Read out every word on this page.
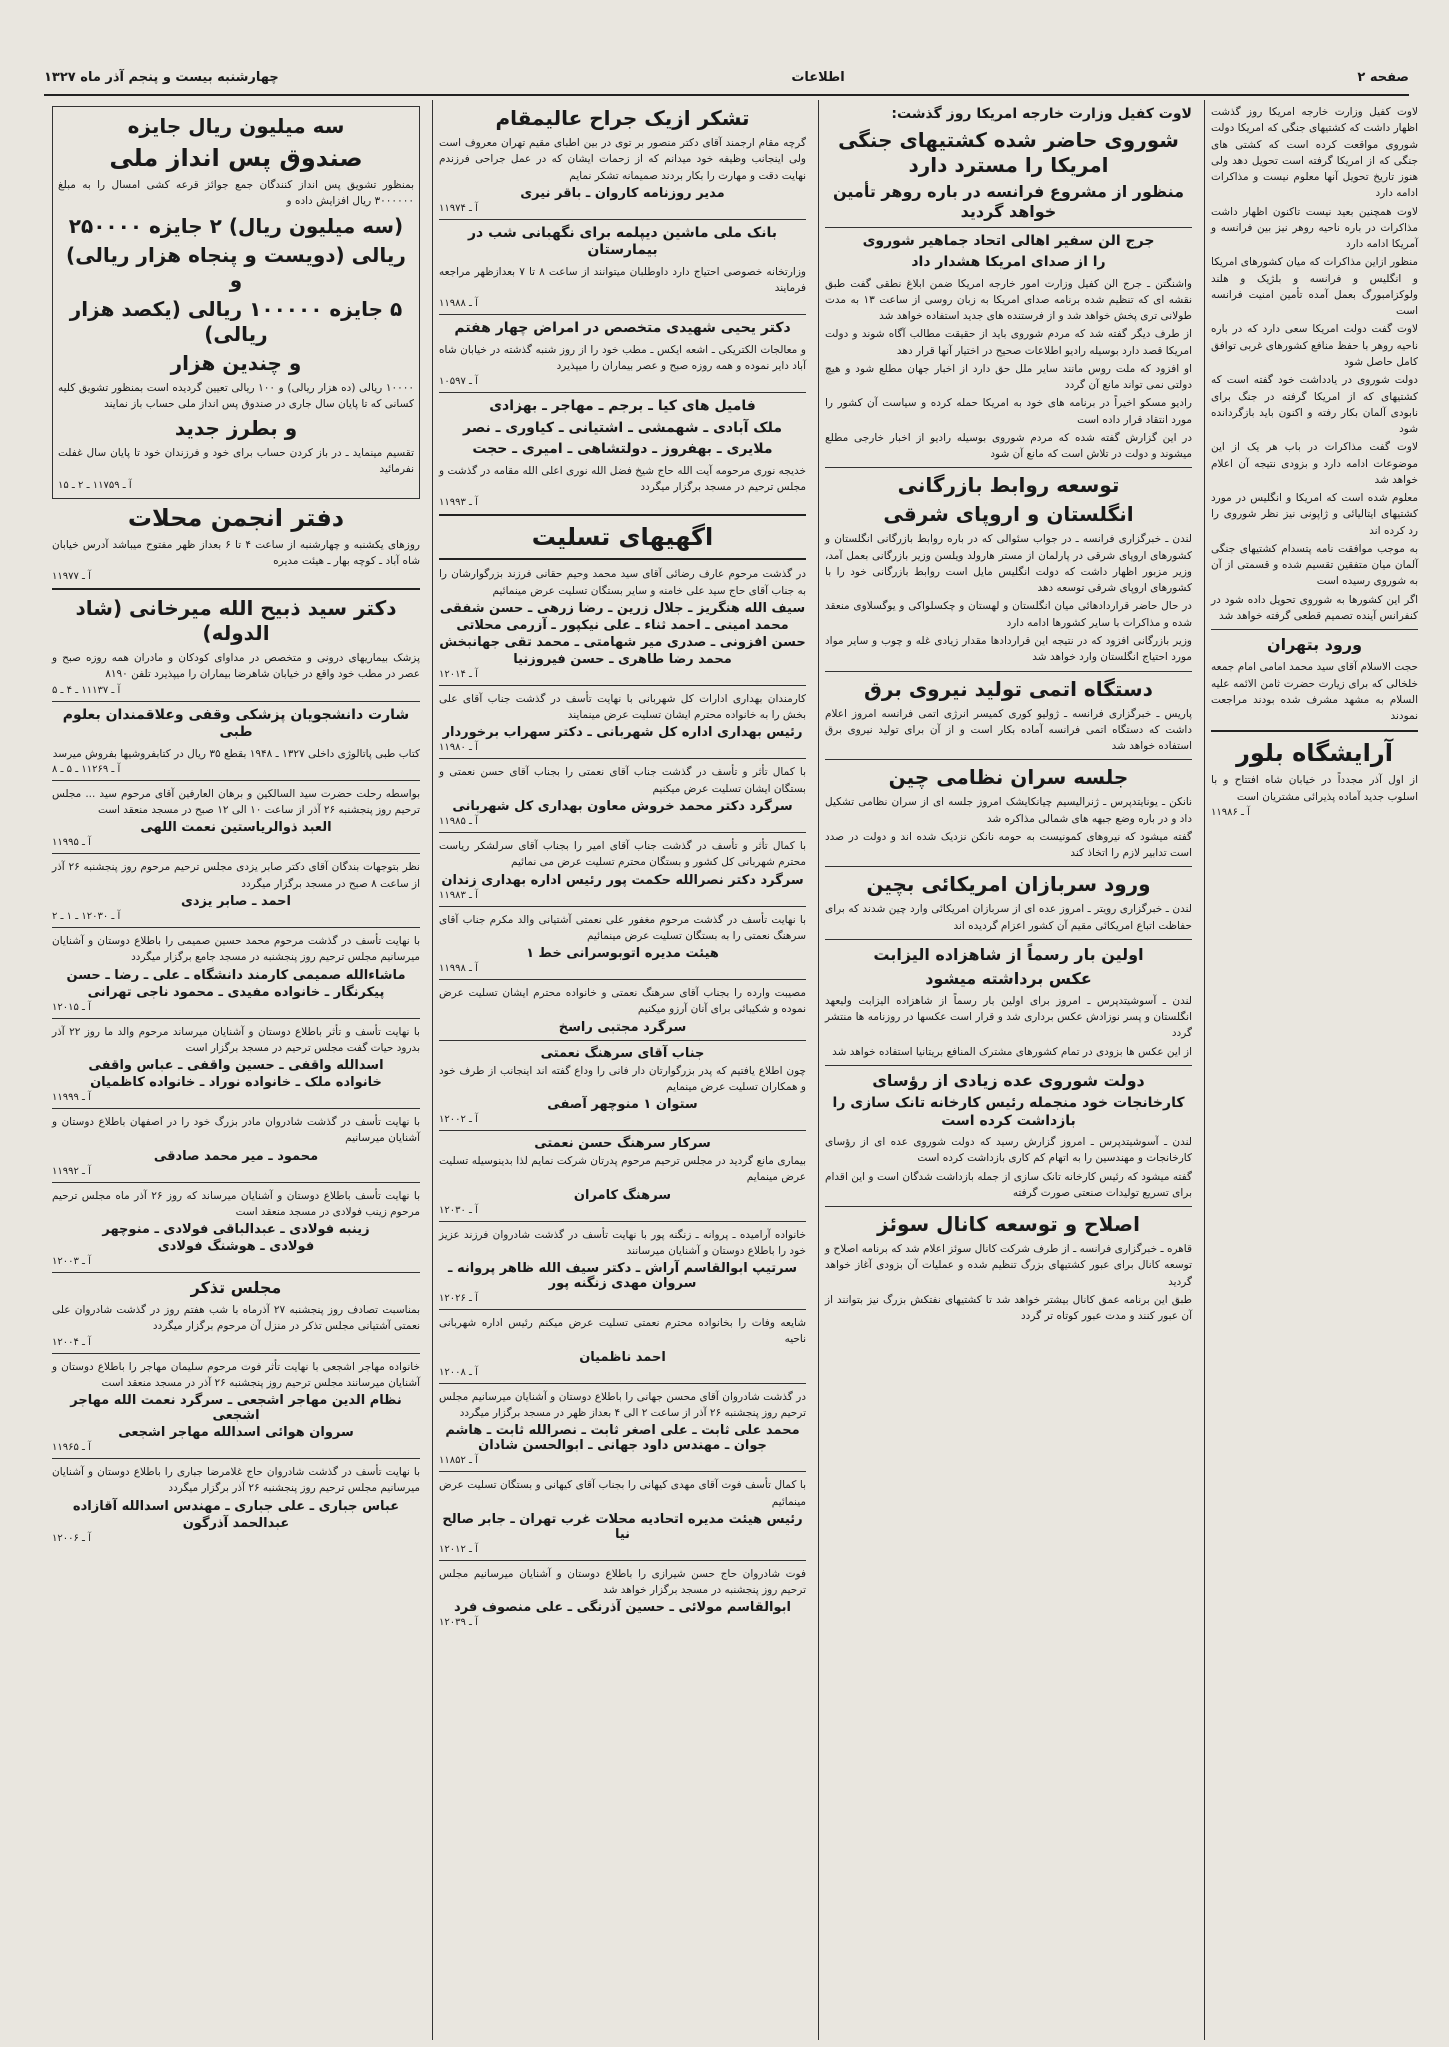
صفحه ۲
اطلاعات
چهارشنبه بیست و پنجم آذر ماه ۱۳۲۷

لاوت کفیل وزارت خارجه امریکا روز گذشت اظهار داشت که کشتیهای جنگی که امریکا دولت شوروی مواقعت کرده است که کشتی های جنگی که از امریکا گرفته است تحویل دهد ولی هنوز تاریخ تحویل آنها معلوم نیست و مذاکرات ادامه دارد

لاوت همچنین بعید نیست تاکنون اظهار داشت مذاکرات در باره ناحیه روهر نیز بین فرانسه و آمریکا ادامه دارد

منظور ازاین مذاکرات که میان کشورهای امریکا و انگلیس و فرانسه و بلژیک و هلند ولوکزامبورگ بعمل آمده تأمین امنیت فرانسه است

لاوت گفت دولت امریکا سعی دارد که در باره ناحیه روهر با حفظ منافع کشورهای غربی توافق کامل حاصل شود

دولت شوروی در یادداشت خود گفته است که کشتیهای که از امریکا گرفته در جنگ برای نابودی آلمان بکار رفته و اکنون باید بازگردانده شود

لاوت گفت مذاکرات در باب هر یک از این موضوعات ادامه دارد و بزودی نتیجه آن اعلام خواهد شد

معلوم شده است که امریکا و انگلیس در مورد کشتیهای ایتالیائی و ژاپونی نیز نظر شوروی را رد کرده اند

به موجب موافقت نامه پتسدام کشتیهای جنگی آلمان میان متفقین تقسیم شده و قسمتی از آن به شوروی رسیده است

اگر این کشورها به شوروی تحویل داده شود در کنفرانس آینده تصمیم قطعی گرفته خواهد شد

ورود بتهران

حجت الاسلام آقای سید محمد امامی امام جمعه خلخالی که برای زیارت حضرت ثامن الائمه علیه السلام به مشهد مشرف شده بودند مراجعت نمودند

آرایشگاه بلور

از اول آذر مجدداً در خیابان شاه افتتاح و با اسلوب جدید آماده پذیرائی مشتریان است

آ ـ ۱۱۹۸۶
لاوت کفیل وزارت خارجه امریکا روز گذشت:
شوروی حاضر شده کشتیهای جنگی امریکا را مسترد دارد
منظور از مشروع فرانسه در باره روهر تأمین خواهد گردید
جرج الن سفیر اهالی اتحاد جماهیر شوروی
را از صدای امریکا هشدار داد

واشنگتن ـ جرج الن کفیل وزارت امور خارجه امریکا ضمن ابلاغ نطقی گفت طبق نقشه ای که تنظیم شده برنامه صدای امریکا به زبان روسی از ساعت ۱۳ به مدت طولانی تری پخش خواهد شد و از فرستنده های جدید استفاده خواهد شد

از طرف دیگر گفته شد که مردم شوروی باید از حقیقت مطالب آگاه شوند و دولت امریکا قصد دارد بوسیله رادیو اطلاعات صحیح در اختیار آنها قرار دهد

او افزود که ملت روس مانند سایر ملل حق دارد از اخبار جهان مطلع شود و هیچ دولتی نمی تواند مانع آن گردد

رادیو مسکو اخیراً در برنامه های خود به امریکا حمله کرده و سیاست آن کشور را مورد انتقاد قرار داده است

در این گزارش گفته شده که مردم شوروی بوسیله رادیو از اخبار خارجی مطلع میشوند و دولت در تلاش است که مانع آن شود

توسعه روابط بازرگانی
انگلستان و اروپای شرقی

لندن ـ خبرگزاری فرانسه ـ در جواب سئوالی که در باره روابط بازرگانی انگلستان و کشورهای اروپای شرقی در پارلمان از مستر هارولد ویلسن وزیر بازرگانی بعمل آمد، وزیر مزبور اظهار داشت که دولت انگلیس مایل است روابط بازرگانی خود را با کشورهای اروپای شرقی توسعه دهد

در حال حاضر قراردادهائی میان انگلستان و لهستان و چکسلواکی و یوگسلاوی منعقد شده و مذاکرات با سایر کشورها ادامه دارد

وزیر بازرگانی افزود که در نتیجه این قراردادها مقدار زیادی غله و چوب و سایر مواد مورد احتیاج انگلستان وارد خواهد شد

دستگاه اتمی تولید نیروی برق

پاریس ـ خبرگزاری فرانسه ـ ژولیو کوری کمیسر انرژی اتمی فرانسه امروز اعلام داشت که دستگاه اتمی فرانسه آماده بکار است و از آن برای تولید نیروی برق استفاده خواهد شد

جلسه سران نظامی چین

نانکن ـ یونایتدپرس ـ ژنرالیسیم چیانکایشک امروز جلسه ای از سران نظامی تشکیل داد و در باره وضع جبهه های شمالی مذاکره شد

گفته میشود که نیروهای کمونیست به حومه نانکن نزدیک شده اند و دولت در صدد است تدابیر لازم را اتخاذ کند

ورود سربازان امریکائی بچین

لندن ـ خبرگزاری رویتر ـ امروز عده ای از سربازان امریکائی وارد چین شدند که برای حفاظت اتباع امریکائی مقیم آن کشور اعزام گردیده اند

اولین بار رسماً از شاهزاده الیزابت
عکس برداشته میشود

لندن ـ آسوشیتدپرس ـ امروز برای اولین بار رسماً از شاهزاده الیزابت ولیعهد انگلستان و پسر نوزادش عکس برداری شد و قرار است عکسها در روزنامه ها منتشر گردد

از این عکس ها بزودی در تمام کشورهای مشترک المنافع بریتانیا استفاده خواهد شد

دولت شوروی عده زیادی از رؤسای
کارخانجات خود منجمله رئیس کارخانه تانک سازی را بازداشت کرده است

لندن ـ آسوشیتدپرس ـ امروز گزارش رسید که دولت شوروی عده ای از رؤسای کارخانجات و مهندسین را به اتهام کم کاری بازداشت کرده است

گفته میشود که رئیس کارخانه تانک سازی از جمله بازداشت شدگان است و این اقدام برای تسریع تولیدات صنعتی صورت گرفته

اصلاح و توسعه کانال سوئز

قاهره ـ خبرگزاری فرانسه ـ از طرف شرکت کانال سوئز اعلام شد که برنامه اصلاح و توسعه کانال برای عبور کشتیهای بزرگ تنظیم شده و عملیات آن بزودی آغاز خواهد گردید

طبق این برنامه عمق کانال بیشتر خواهد شد تا کشتیهای نفتکش بزرگ نیز بتوانند از آن عبور کنند و مدت عبور کوتاه تر گردد

تشکر ازیک جراح عالیمقام

گرچه مقام ارجمند آقای دکتر منصور بر توی در بین اطبای مقیم تهران معروف است ولی اینجانب وظیفه خود میدانم که از زحمات ایشان که در عمل جراحی فرزندم نهایت دقت و مهارت را بکار بردند صمیمانه تشکر نمایم

مدیر روزنامه کاروان ـ باقر نیری
آ ـ ۱۱۹۷۴
بانک ملی ماشین دیپلمه برای نگهبانی شب در بیمارستان

وزارتخانه خصوصی احتیاج دارد داوطلبان میتوانند از ساعت ۸ تا ۷ بعدازظهر مراجعه فرمایند

آ ـ ۱۱۹۸۸
دکتر یحیی شهیدی متخصص در امراض چهار هفتم

و معالجات الکتریکی ـ اشعه ایکس ـ مطب خود را از روز شنبه گذشته در خیابان شاه آباد دایر نموده و همه روزه صبح و عصر بیماران را میپذیرد

آ ـ ۱۰۵۹۷
فامیل های کیا ـ برجم ـ مهاجر ـ بهزادی
ملک آبادی ـ شهمشی ـ اشتیانی ـ کیاوری ـ نصر
ملایری ـ بهفروز ـ دولتشاهی ـ امیری ـ حجت

خدیجه نوری مرحومه آیت الله حاج شیخ فضل الله نوری اعلی الله مقامه در گذشت و مجلس ترحیم در مسجد برگزار میگردد

آ ـ ۱۱۹۹۳
اگهیهای تسلیت

در گذشت مرحوم عارف رضائی آقای سید محمد وحیم حقانی فرزند بزرگوارشان را به جناب آقای حاج سید علی خامنه و سایر بستگان تسلیت عرض مینمائیم

سیف الله هنگریز ـ جلال زرین ـ رضا زرهی ـ حسن شفقی
محمد امینی ـ احمد ثناء ـ علی نیکپور ـ آزرمی محلاتی
حسن افزونی ـ صدری میر شهامتی ـ محمد تقی جهانبخش
محمد رضا طاهری ـ حسن فیروزنیا
آ ـ ۱۲۰۱۴

کارمندان بهداری ادارات کل شهربانی با نهایت تأسف در گذشت جناب آقای علی بخش را به خانواده محترم ایشان تسلیت عرض مینمایند

رئیس بهداری اداره کل شهربانی ـ دکتر سهراب برخوردار
آ ـ ۱۱۹۸۰

با کمال تأثر و تأسف در گذشت جناب آقای نعمتی را بجناب آقای حسن نعمتی و بستگان ایشان تسلیت عرض میکنیم

سرگرد دکتر محمد خروش معاون بهداری کل شهربانی
آ ـ ۱۱۹۸۵

با کمال تأثر و تأسف در گذشت جناب آقای امیر را بجناب آقای سرلشکر ریاست محترم شهربانی کل کشور و بستگان محترم تسلیت عرض می نمائیم

سرگرد دکتر نصرالله حکمت پور رئیس اداره بهداری زندان
آ ـ ۱۱۹۸۳

با نهایت تأسف در گذشت مرحوم مغفور علی نعمتی آشتیانی والد مکرم جناب آقای سرهنگ نعمتی را به بستگان تسلیت عرض مینمائیم

هیئت مدیره اتوبوسرانی خط ۱
آ ـ ۱۱۹۹۸

مصیبت وارده را بجناب آقای سرهنگ نعمتی و خانواده محترم ایشان تسلیت عرض نموده و شکیبائی برای آنان آرزو میکنیم

سرگرد مجتبی راسخ
جناب آقای سرهنگ نعمتی

چون اطلاع یافتیم که پدر بزرگوارتان دار فانی را وداع گفته اند اینجانب از طرف خود و همکاران تسلیت عرض مینمایم

ستوان ۱ منوچهر آصفی
آ ـ ۱۲۰۰۲
سرکار سرهنگ حسن نعمتی

بیماری مانع گردید در مجلس ترحیم مرحوم پدرتان شرکت نمایم لذا بدینوسیله تسلیت عرض مینمایم

سرهنگ کامران
آ ـ ۱۲۰۳۰

خانواده آرامیده ـ پروانه ـ زنگنه پور با نهایت تأسف در گذشت شادروان فرزند عزیز خود را باطلاع دوستان و آشنایان میرسانند

سرتیپ ابوالقاسم آراش ـ دکتر سیف الله ظاهر پروانه ـ سروان مهدی زنگنه پور
آ ـ ۱۲۰۲۶

شایعه وفات را بخانواده محترم نعمتی تسلیت عرض میکنم رئیس اداره شهربانی ناحیه

احمد ناظمیان
آ ـ ۱۲۰۰۸

در گذشت شادروان آقای محسن جهانی را باطلاع دوستان و آشنایان میرسانیم مجلس ترحیم روز پنجشنبه ۲۶ آذر از ساعت ۲ الی ۴ بعداز ظهر در مسجد برگزار میگردد

محمد علی ثابت ـ علی اصغر ثابت ـ نصرالله ثابت ـ هاشم جوان ـ مهندس داود جهانی ـ ابوالحسن شادان
آ ـ ۱۱۸۵۲

با کمال تأسف فوت آقای مهدی کیهانی را بجناب آقای کیهانی و بستگان تسلیت عرض مینمائیم

رئیس هیئت مدیره اتحادیه محلات غرب تهران ـ جابر صالح نیا
آ ـ ۱۲۰۱۲

فوت شادروان حاج حسن شیرازی را باطلاع دوستان و آشنایان میرسانیم مجلس ترحیم روز پنجشنبه در مسجد برگزار خواهد شد

ابوالقاسم مولائی ـ حسین آذرنگی ـ علی منصوف فرد
آ ـ ۱۲۰۳۹
سه میلیون ریال جایزه
صندوق پس انداز ملی

بمنظور تشویق پس انداز کنندگان جمع جوائز قرعه کشی امسال را به مبلغ ۳۰۰۰۰۰۰ ریال افزایش داده و

(سه میلیون ریال) ۲ جایزه ۲۵۰۰۰۰
ریالی (دویست و پنجاه هزار ریالی) و
۵ جایزه ۱۰۰۰۰۰ ریالی (یکصد هزار ریالی)
و چندین هزار

۱۰۰۰۰ ریالی (ده هزار ریالی) و ۱۰۰ ریالی تعیین گردیده است بمنظور تشویق کلیه کسانی که تا پایان سال جاری در صندوق پس انداز ملی حساب باز نمایند

و بطرز جدید

تقسیم مینماید ـ در باز کردن حساب برای خود و فرزندان خود تا پایان سال غفلت نفرمائید

آ ـ ۱۱۷۵۹ ـ ۲ ـ ۱۵
دفتر انجمن محلات

روزهای یکشنبه و چهارشنبه از ساعت ۴ تا ۶ بعداز ظهر مفتوح میباشد آدرس خیابان شاه آباد ـ کوچه بهار ـ هیئت مدیره

آ ـ ۱۱۹۷۷
دکتر سید ذبیح الله میرخانی (شاد الدوله)

پزشک بیماریهای درونی و متخصص در مداوای کودکان و مادران همه روزه صبح و عصر در مطب خود واقع در خیابان شاهرضا بیماران را میپذیرد تلفن ۸۱۹۰

آ ـ ۱۱۱۳۷ ـ ۴ ـ ۵
شارت دانشجویان پزشکی وقفی وعلاقمندان بعلوم طبی

کتاب طبی پاتالوژی داخلی ۱۳۲۷ ـ ۱۹۴۸ بقطع ۳۵ ریال در کتابفروشیها بفروش میرسد

آ ـ ۱۱۲۶۹ ـ ۵ ـ ۸

بواسطه رحلت حضرت سید السالکین و برهان العارفین آقای مرحوم سید ... مجلس ترحیم روز پنجشنبه ۲۶ آذر از ساعت ۱۰ الی ۱۲ صبح در مسجد منعقد است

العبد ذوالریاستین نعمت اللهی
آ ـ ۱۱۹۹۵

نظر بتوجهات بندگان آقای دکتر صابر یزدی مجلس ترحیم مرحوم روز پنجشنبه ۲۶ آذر از ساعت ۸ صبح در مسجد برگزار میگردد

احمد ـ صابر یزدی
آ ـ ۱۲۰۳۰ ـ ۱ ـ ۲

با نهایت تأسف در گذشت مرحوم محمد حسین صمیمی را باطلاع دوستان و آشنایان میرسانیم مجلس ترحیم روز پنجشنبه در مسجد جامع برگزار میگردد

ماشاءالله صمیمی کارمند دانشگاه ـ علی ـ رضا ـ حسن
پیکرنگار ـ خانواده مفیدی ـ محمود ناجی تهرانی
آ ـ ۱۲۰۱۵

با نهایت تأسف و تأثر باطلاع دوستان و آشنایان میرساند مرحوم والد ما روز ۲۲ آذر بدرود حیات گفت مجلس ترحیم در مسجد برگزار است

اسدالله واقفی ـ حسین واقفی ـ عباس واقفی
خانواده ملک ـ خانواده نوراد ـ خانواده کاظمیان
آ ـ ۱۱۹۹۹

با نهایت تأسف در گذشت شادروان مادر بزرگ خود را در اصفهان باطلاع دوستان و آشنایان میرسانیم

محمود ـ میر محمد صادقی
آ ـ ۱۱۹۹۲

با نهایت تأسف باطلاع دوستان و آشنایان میرساند که روز ۲۶ آذر ماه مجلس ترحیم مرحوم زینب فولادی در مسجد منعقد است

زینبه فولادی ـ عبدالباقی فولادی ـ منوچهر
فولادی ـ هوشنگ فولادی
آ ـ ۱۲۰۰۳
مجلس تذکر

بمناسبت تصادف روز پنجشنبه ۲۷ آذرماه با شب هفتم روز در گذشت شادروان علی نعمتی آشتیانی مجلس تذکر در منزل آن مرحوم برگزار میگردد

آ ـ ۱۲۰۰۴

خانواده مهاجر اشجعی با نهایت تأثر فوت مرحوم سلیمان مهاجر را باطلاع دوستان و آشنایان میرسانند مجلس ترحیم روز پنجشنبه ۲۶ آذر در مسجد منعقد است

نظام الدین مهاجر اشجعی ـ سرگرد نعمت الله مهاجر اشجعی
سروان هوائی اسدالله مهاجر اشجعی
آ ـ ۱۱۹۶۵

با نهایت تأسف در گذشت شادروان حاج غلامرضا جباری را باطلاع دوستان و آشنایان میرسانیم مجلس ترحیم روز پنجشنبه ۲۶ آذر برگزار میگردد

عباس جباری ـ علی جباری ـ مهندس اسدالله آقازاده
عبدالحمد آذرگون
آ ـ ۱۲۰۰۶
